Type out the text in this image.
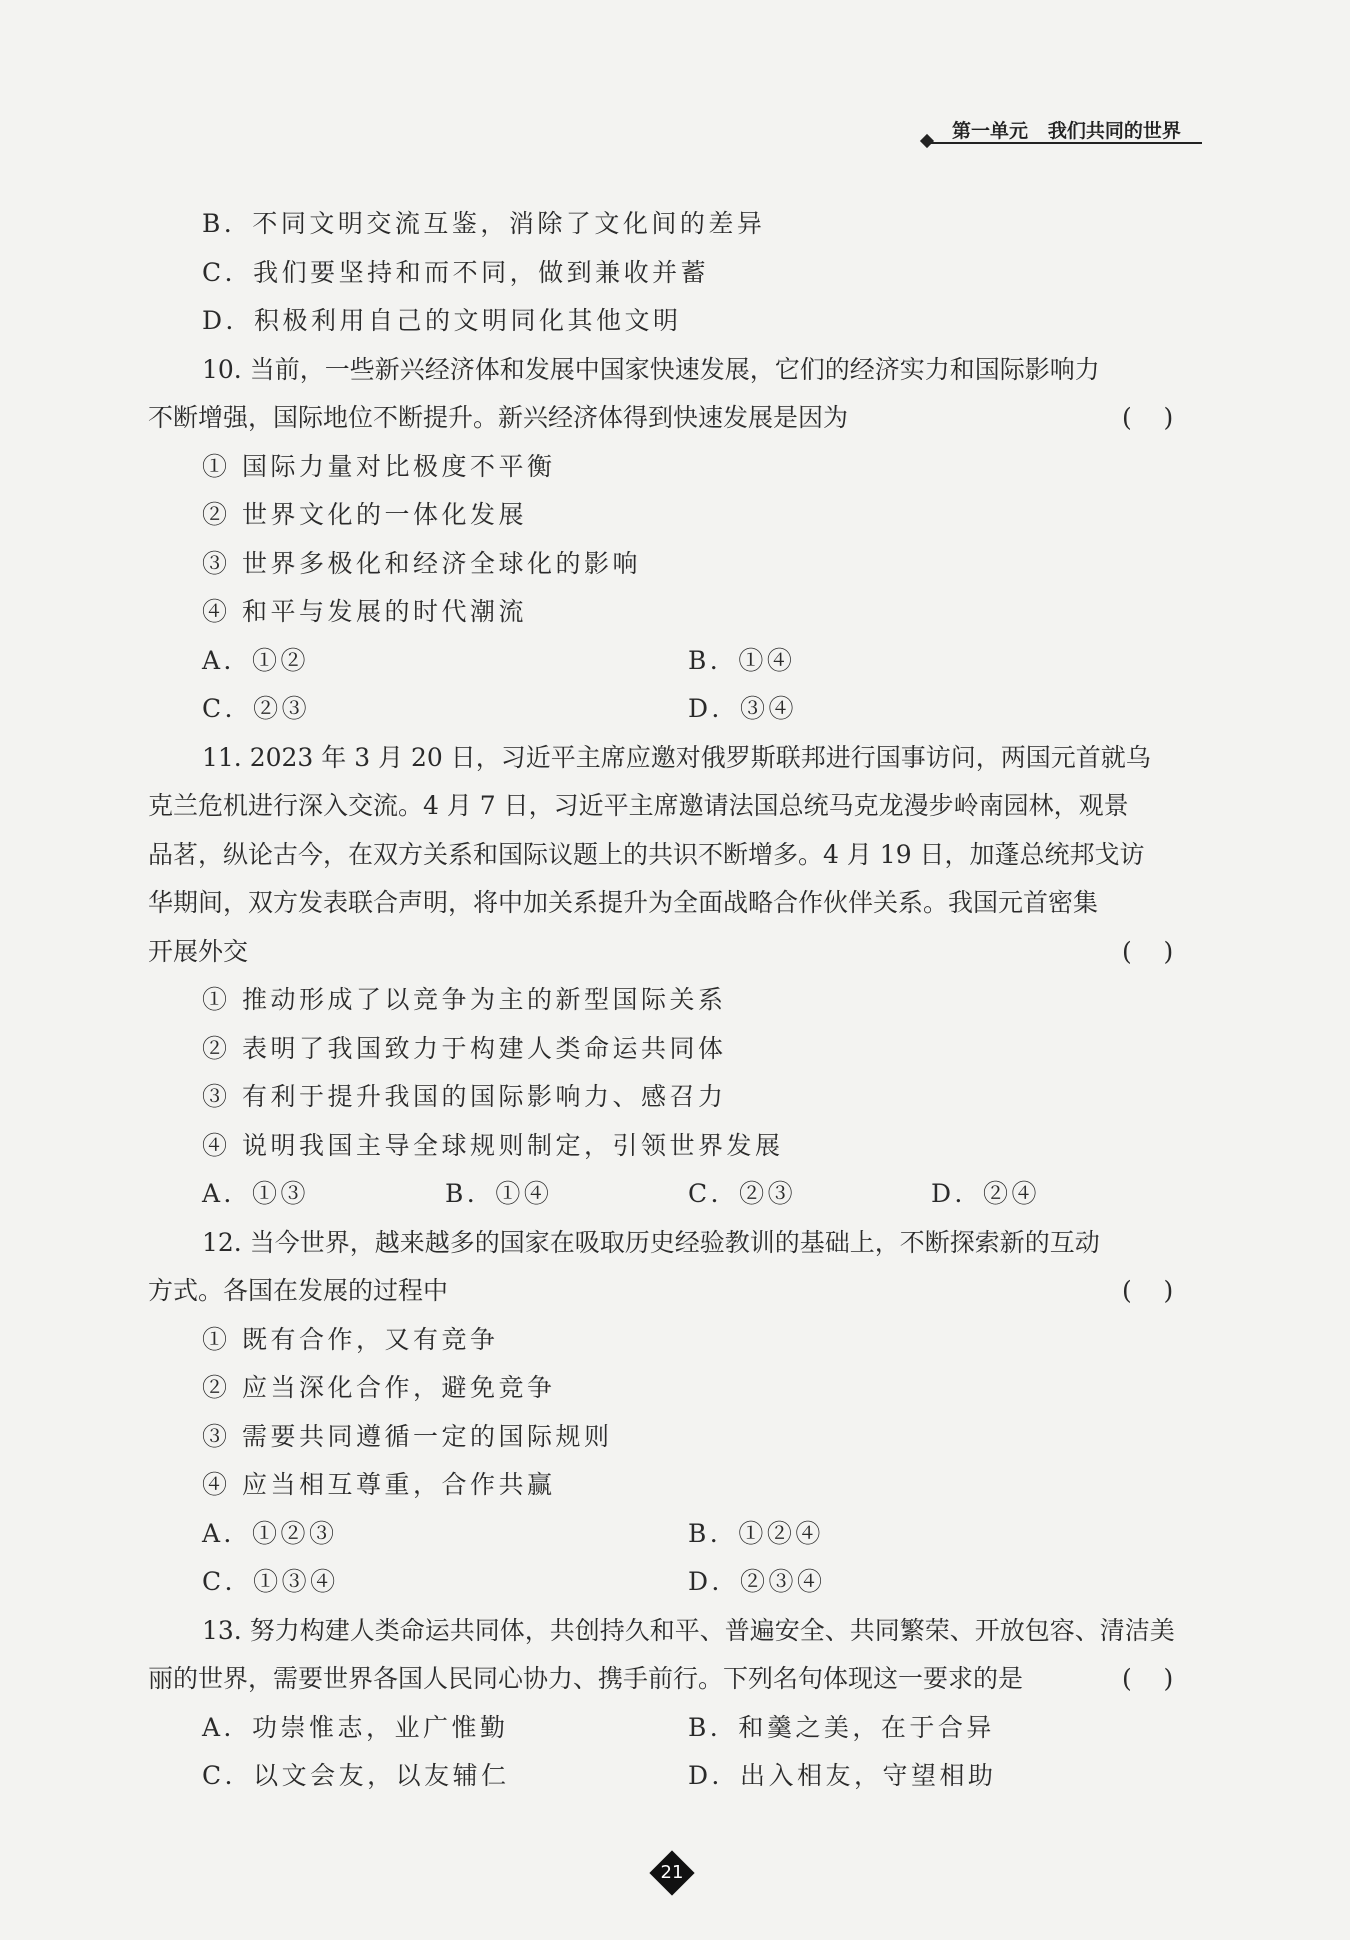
第一单元   我们共同的世界
B．不同文明交流互鉴，消除了文化间的差异
C．我们要坚持和而不同，做到兼收并蓄
D．积极利用自己的文明同化其他文明
10. 当前，一些新兴经济体和发展中国家快速发展，它们的经济实力和国际影响力
不断增强，国际地位不断提升。新兴经济体得到快速发展是因为	(    )
① 国际力量对比极度不平衡
② 世界文化的一体化发展
③ 世界多极化和经济全球化的影响
④ 和平与发展的时代潮流
A．①②	B．①④
C．②③	D．③④
11. 2023 年 3 月 20 日，习近平主席应邀对俄罗斯联邦进行国事访问，两国元首就乌
克兰危机进行深入交流。4 月 7 日，习近平主席邀请法国总统马克龙漫步岭南园林，观景
品茗，纵论古今，在双方关系和国际议题上的共识不断增多。4 月 19 日，加蓬总统邦戈访
华期间，双方发表联合声明，将中加关系提升为全面战略合作伙伴关系。我国元首密集
开展外交	(    )
① 推动形成了以竞争为主的新型国际关系
② 表明了我国致力于构建人类命运共同体
③ 有利于提升我国的国际影响力、感召力
④ 说明我国主导全球规则制定，引领世界发展
A．①③	B．①④	C．②③	D．②④
12. 当今世界，越来越多的国家在吸取历史经验教训的基础上，不断探索新的互动
方式。各国在发展的过程中	(    )
① 既有合作，又有竞争
② 应当深化合作，避免竞争
③ 需要共同遵循一定的国际规则
④ 应当相互尊重，合作共赢
A．①②③	B．①②④
C．①③④	D．②③④
13. 努力构建人类命运共同体，共创持久和平、普遍安全、共同繁荣、开放包容、清洁美
丽的世界，需要世界各国人民同心协力、携手前行。下列名句体现这一要求的是	(    )
A．功崇惟志，业广惟勤	B．和羹之美，在于合异
C．以文会友，以友辅仁	D．出入相友，守望相助
21
